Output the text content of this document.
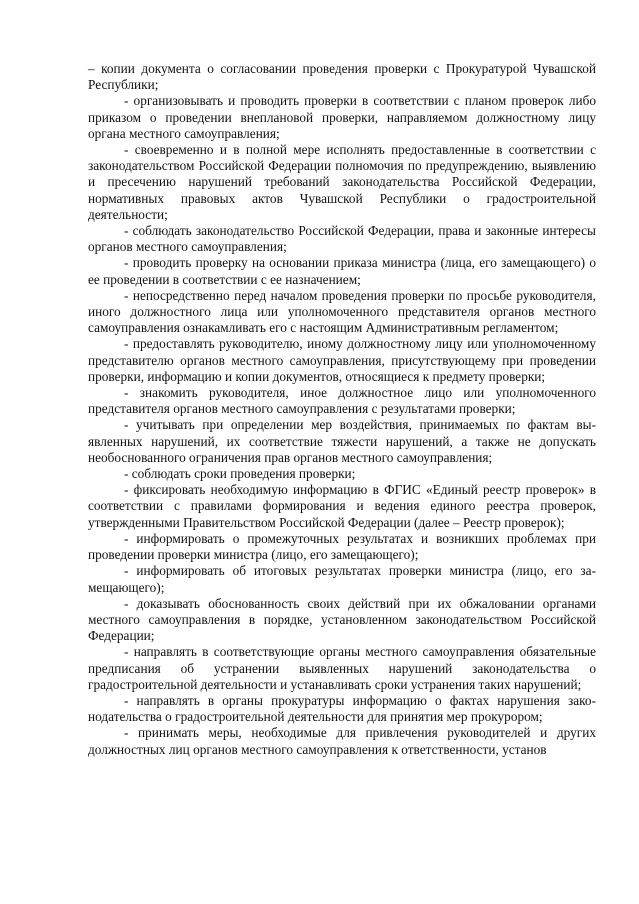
– копии документа о согласовании проведения проверки с Прокуратурой Чувашской Республики;

- организовывать и проводить проверки в соответствии с планом проверок либо приказом о проведении внеплановой проверки, направляемом должностному лицу органа местного самоуправления;

- своевременно и в полной мере исполнять предоставленные в соответствии с законодательством Российской Федерации полномочия по предупреждению, выявлению и пресечению нарушений требований законодательства Российской Федерации, нормативных правовых актов Чувашской Республики о градостроительной деятельности;

- соблюдать законодательство Российской Федерации, права и законные интересы органов местного самоуправления;

- проводить проверку на основании приказа министра (лица, его замещающего) о ее проведении в соответствии с ее назначением;

- непосредственно перед началом проведения проверки по просьбе руководителя, иного должностного лица или уполномоченного представителя органов местного самоуправления ознакамливать его с настоящим Административным регламентом;

- предоставлять руководителю, иному должностному лицу или уполномоченному представителю органов местного самоуправления, присутствующему при проведении проверки, информацию и копии документов, относящиеся к предмету проверки;

- знакомить руководителя, иное должностное лицо или уполномоченного представителя органов местного самоуправления с результатами проверки;

- учитывать при определении мер воздействия, принимаемых по фактам выявленных нарушений, их соответствие тяжести нарушений, а также не допускать необоснованного ограничения прав органов местного самоуправления;

- соблюдать сроки проведения проверки;

- фиксировать необходимую информацию в ФГИС «Единый реестр проверок» в соответствии с правилами формирования и ведения единого реестра проверок, утвержденными Правительством Российской Федерации (далее – Реестр проверок);

- информировать о промежуточных результатах и возникших проблемах при проведении проверки министра (лицо, его замещающего);

- информировать об итоговых результатах проверки министра (лицо, его замещающего);

- доказывать обоснованность своих действий при их обжаловании органами местного самоуправления в порядке, установленном законодательством Российской Федерации;

- направлять в соответствующие органы местного самоуправления обязательные предписания об устранении выявленных нарушений законодательства о градостроительной деятельности и устанавливать сроки устранения таких нарушений;

- направлять в органы прокуратуры информацию о фактах нарушения законодательства о градостроительной деятельности для принятия мер прокурором;

- принимать меры, необходимые для привлечения руководителей и других должностных лиц органов местного самоуправления к ответственности, установ
